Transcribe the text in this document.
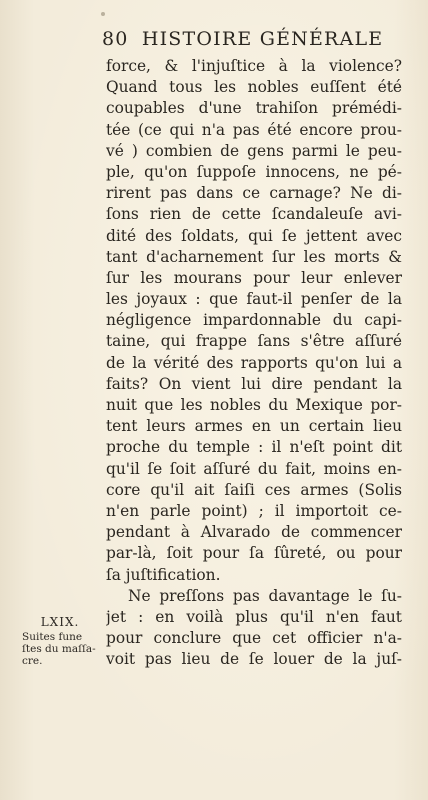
80 HISTOIRE GÉNÉRALE
force, & l'injuſtice à la violence?
Quand tous les nobles euſſent été
coupables d'une trahiſon prémédi-
tée (ce qui n'a pas été encore prou-
vé ) combien de gens parmi le peu-
ple, qu'on ſuppoſe innocens, ne pé-
rirent pas dans ce carnage? Ne di-
ſons rien de cette ſcandaleuſe avi-
dité des ſoldats, qui ſe jettent avec
tant d'acharnement ſur les morts &
ſur les mourans pour leur enlever
les joyaux : que faut-il penſer de la
négligence impardonnable du capi-
taine, qui frappe ſans s'être aſſuré
de la vérité des rapports qu'on lui a
faits? On vient lui dire pendant la
nuit que les nobles du Mexique por-
tent leurs armes en un certain lieu
proche du temple : il n'eſt point dit
qu'il ſe ſoit aſſuré du fait, moins en-
core qu'il ait ſaiſi ces armes (Solis
n'en parle point) ; il importoit ce-
pendant à Alvarado de commencer
par-là, ſoit pour ſa ſûreté, ou pour
ſa juſtification.
Ne preſſons pas davantage le ſu-
jet : en voilà plus qu'il n'en faut
pour conclure que cet officier n'a-
voit pas lieu de ſe louer de la juſ-
LXIX.
Suites fune
ſtes du maſſa-
cre.
